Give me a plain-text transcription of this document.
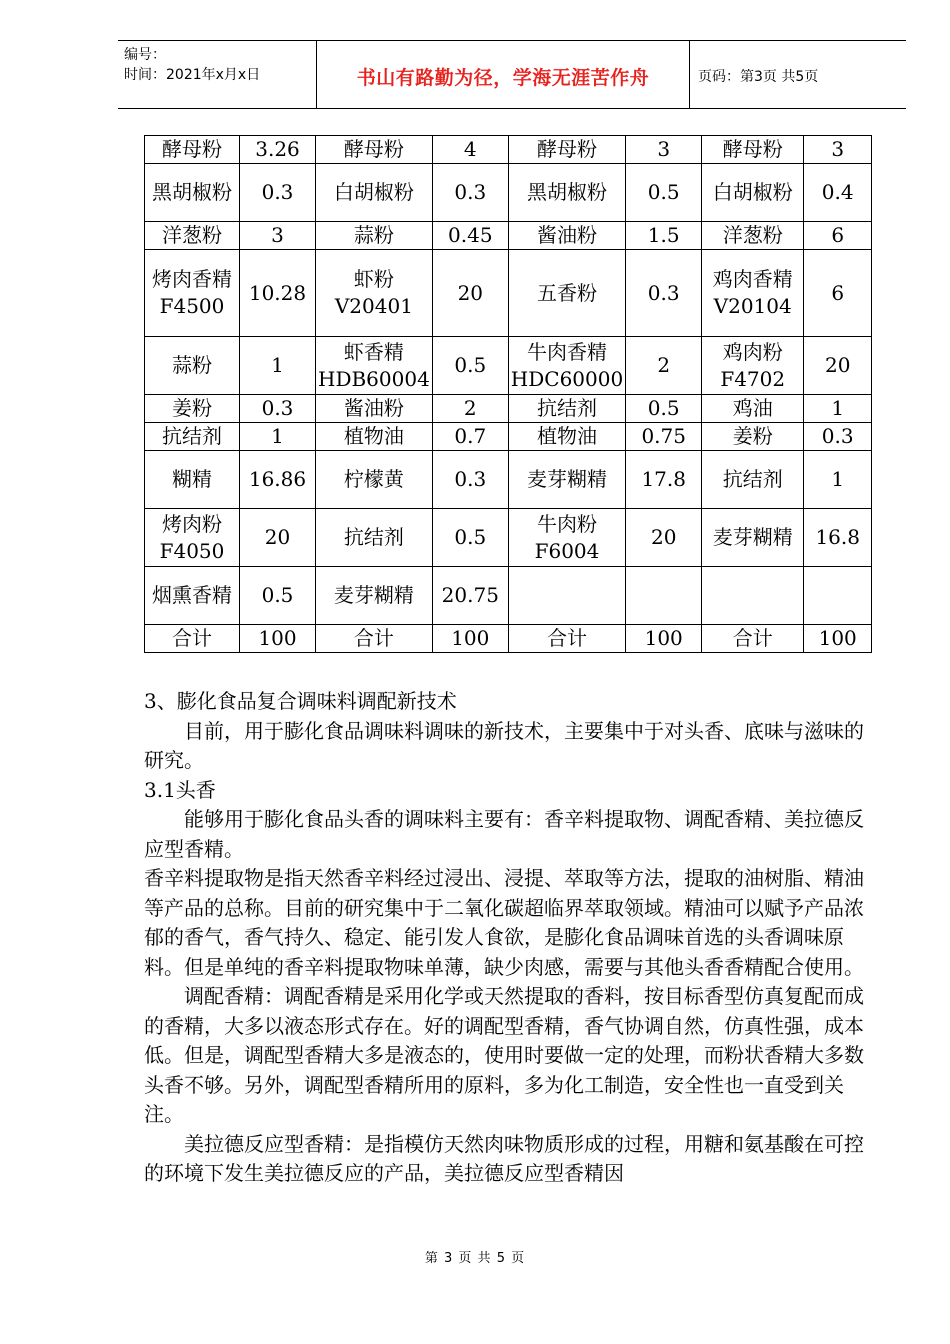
编号：
时间：2021年x月x日	书山有路勤为径，学海无涯苦作舟	页码：第3页 共5页
酵母粉	3.26	酵母粉	4	酵母粉	3	酵母粉	3
黑胡椒粉	0.3	白胡椒粉	0.3	黑胡椒粉	0.5	白胡椒粉	0.4
洋葱粉	3	蒜粉	0.45	酱油粉	1.5	洋葱粉	6
烤肉香精F4500	10.28	虾粉V20401	20	五香粉	0.3	鸡肉香精V20104	6
蒜粉	1	虾香精HDB60004	0.5	牛肉香精HDC60000	2	鸡肉粉F4702	20
姜粉	0.3	酱油粉	2	抗结剂	0.5	鸡油	1
抗结剂	1	植物油	0.7	植物油	0.75	姜粉	0.3
糊精	16.86	柠檬黄	0.3	麦芽糊精	17.8	抗结剂	1
烤肉粉F4050	20	抗结剂	0.5	牛肉粉F6004	20	麦芽糊精	16.8
烟熏香精	0.5	麦芽糊精	20.75				
合计	100	合计	100	合计	100	合计	100

3、膨化食品复合调味料调配新技术

目前，用于膨化食品调味料调味的新技术，主要集中于对头香、底味与滋味的研究。

3.1头香

能够用于膨化食品头香的调味料主要有：香辛料提取物、调配香精、美拉德反应型香精。

香辛料提取物是指天然香辛料经过浸出、浸提、萃取等方法，提取的油树脂、精油等产品的总称。目前的研究集中于二氧化碳超临界萃取领域。精油可以赋予产品浓郁的香气，香气持久、稳定、能引发人食欲，是膨化食品调味首选的头香调味原料。但是单纯的香辛料提取物味单薄，缺少肉感，需要与其他头香香精配合使用。

调配香精：调配香精是采用化学或天然提取的香料，按目标香型仿真复配而成的香精，大多以液态形式存在。好的调配型香精，香气协调自然，仿真性强，成本低。但是，调配型香精大多是液态的，使用时要做一定的处理，而粉状香精大多数头香不够。另外，调配型香精所用的原料，多为化工制造，安全性也一直受到关注。

美拉德反应型香精：是指模仿天然肉味物质形成的过程，用糖和氨基酸在可控的环境下发生美拉德反应的产品，美拉德反应型香精因

第 3 页 共 5 页
